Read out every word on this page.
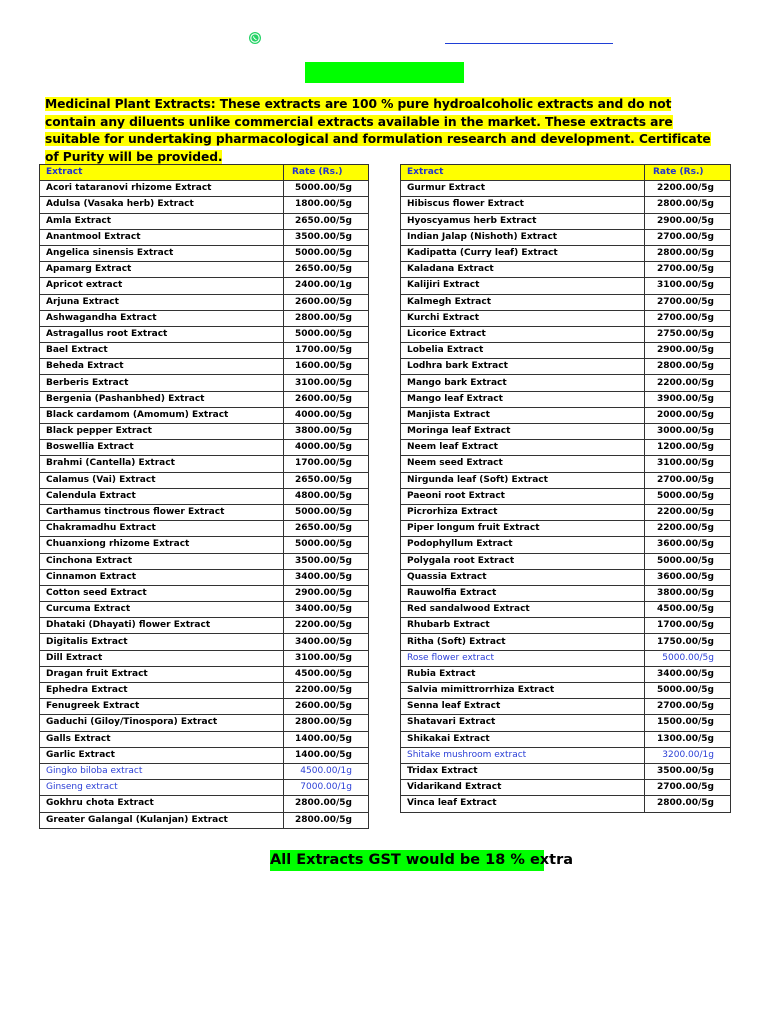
Medicinal Plant Extracts: These extracts are 100 % pure hydroalcoholic extracts and do not contain any diluents unlike commercial extracts available in the market. These extracts are suitable for undertaking pharmacological and formulation research and development. Certificate of Purity will be provided.
Extract	Rate (Rs.)
Acori tataranovi rhizome Extract	5000.00/5g
Adulsa (Vasaka herb) Extract	1800.00/5g
Amla Extract	2650.00/5g
Anantmool Extract	3500.00/5g
Angelica sinensis Extract	5000.00/5g
Apamarg Extract	2650.00/5g
Apricot extract	2400.00/1g
Arjuna Extract	2600.00/5g
Ashwagandha Extract	2800.00/5g
Astragallus root Extract	5000.00/5g
Bael Extract	1700.00/5g
Beheda Extract	1600.00/5g
Berberis Extract	3100.00/5g
Bergenia (Pashanbhed) Extract	2600.00/5g
Black cardamom (Amomum) Extract	4000.00/5g
Black pepper Extract	3800.00/5g
Boswellia Extract	4000.00/5g
Brahmi (Cantella) Extract	1700.00/5g
Calamus (Vai) Extract	2650.00/5g
Calendula Extract	4800.00/5g
Carthamus tinctrous flower Extract	5000.00/5g
Chakramadhu Extract	2650.00/5g
Chuanxiong rhizome Extract	5000.00/5g
Cinchona Extract	3500.00/5g
Cinnamon Extract	3400.00/5g
Cotton seed Extract	2900.00/5g
Curcuma Extract	3400.00/5g
Dhataki (Dhayati) flower Extract	2200.00/5g
Digitalis Extract	3400.00/5g
Dill Extract	3100.00/5g
Dragan fruit Extract	4500.00/5g
Ephedra Extract	2200.00/5g
Fenugreek Extract	2600.00/5g
Gaduchi (Giloy/Tinospora) Extract	2800.00/5g
Galls Extract	1400.00/5g
Garlic Extract	1400.00/5g
Gingko biloba extract	4500.00/1g
Ginseng extract	7000.00/1g
Gokhru chota Extract	2800.00/5g
Greater Galangal (Kulanjan) Extract	2800.00/5g
Extract	Rate (Rs.)
Gurmur Extract	2200.00/5g
Hibiscus flower Extract	2800.00/5g
Hyoscyamus herb Extract	2900.00/5g
Indian Jalap (Nishoth) Extract	2700.00/5g
Kadipatta (Curry leaf) Extract	2800.00/5g
Kaladana Extract	2700.00/5g
Kalijiri Extract	3100.00/5g
Kalmegh Extract	2700.00/5g
Kurchi Extract	2700.00/5g
Licorice Extract	2750.00/5g
Lobelia Extract	2900.00/5g
Lodhra bark Extract	2800.00/5g
Mango bark Extract	2200.00/5g
Mango leaf Extract	3900.00/5g
Manjista Extract	2000.00/5g
Moringa leaf Extract	3000.00/5g
Neem leaf Extract	1200.00/5g
Neem seed Extract	3100.00/5g
Nirgunda leaf (Soft) Extract	2700.00/5g
Paeoni root Extract	5000.00/5g
Picrorhiza Extract	2200.00/5g
Piper longum fruit Extract	2200.00/5g
Podophyllum Extract	3600.00/5g
Polygala root Extract	5000.00/5g
Quassia Extract	3600.00/5g
Rauwolfia Extract	3800.00/5g
Red sandalwood Extract	4500.00/5g
Rhubarb Extract	1700.00/5g
Ritha (Soft) Extract	1750.00/5g
Rose flower extract	5000.00/5g
Rubia Extract	3400.00/5g
Salvia mimittrorrhiza Extract	5000.00/5g
Senna leaf Extract	2700.00/5g
Shatavari Extract	1500.00/5g
Shikakai Extract	1300.00/5g
Shitake mushroom extract	3200.00/1g
Tridax Extract	3500.00/5g
Vidarikand Extract	2700.00/5g
Vinca leaf Extract	2800.00/5g
All Extracts GST would be 18 % extra
